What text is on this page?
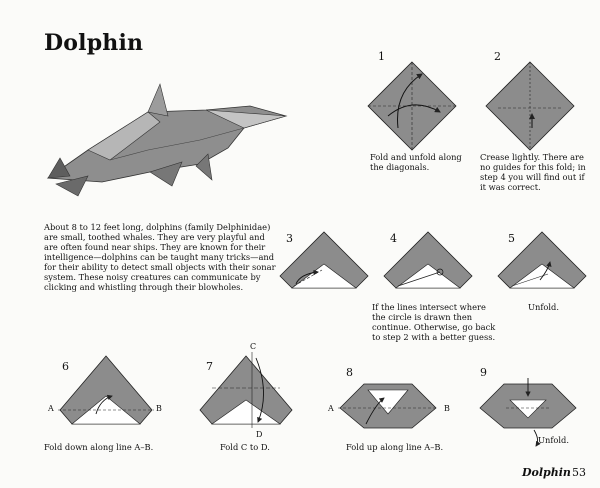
Dolphin
About 8 to 12 feet long, dolphins (family Delphinidae) are small, toothed whales. They are very playful and are often found near ships. They are known for their intelligence—dolphins can be taught many tricks—and for their ability to detect small objects with their sonar system. These noisy creatures can communicate by clicking and whistling through their blowholes.
1	2
3	4	5
6	7	8	9
Fold and unfold along the diagonals.
Crease lightly. There are no guides for this fold; in step 4 you will find out if it was correct.
If the lines intersect where the circle is drawn then continue. Otherwise, go back to step 2 with a better guess.
Unfold.
Fold down along line A–B.	Fold C to D.	Fold up along line A–B.
Unfold.
A	B
C
D
A	B
Dolphin 53
